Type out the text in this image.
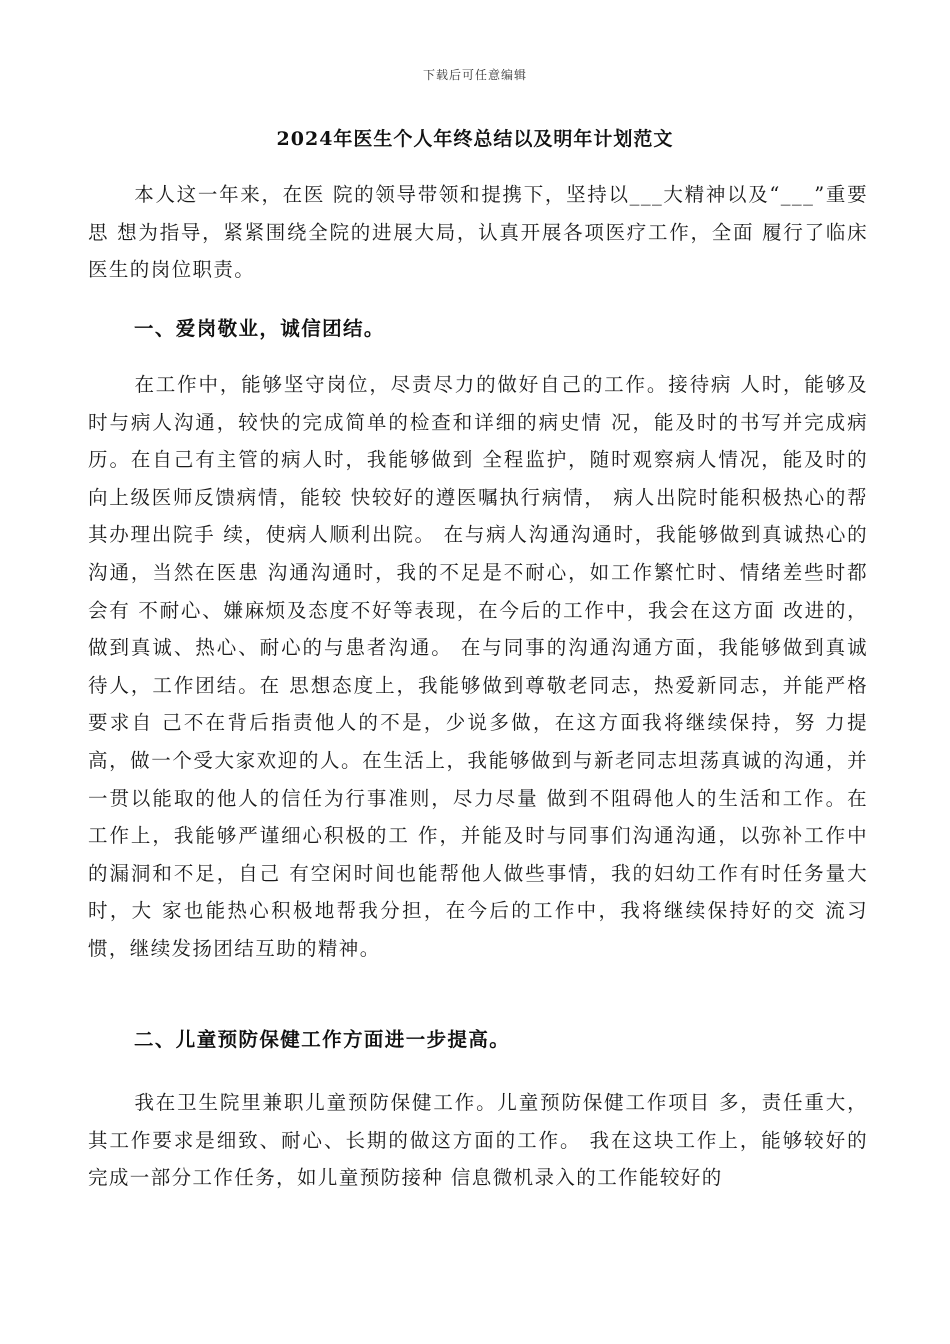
下载后可任意编辑
2024年医生个人年终总结以及明年计划范文

本人这一年来，在医 院的领导带领和提携下，坚持以___大精神以及“___”重要思 想为指导，紧紧围绕全院的进展大局，认真开展各项医疗工作，全面 履行了临床医生的岗位职责。

一、爱岗敬业，诚信团结。

在工作中，能够坚守岗位，尽责尽力的做好自己的工作。接待病 人时，能够及时与病人沟通，较快的完成简单的检查和详细的病史情 况，能及时的书写并完成病历。在自己有主管的病人时，我能够做到 全程监护，随时观察病人情况，能及时的向上级医师反馈病情，能较 快较好的遵医嘱执行病情， 病人出院时能积极热心的帮其办理出院手 续，使病人顺利出院。 在与病人沟通沟通时，我能够做到真诚热心的沟通，当然在医患 沟通沟通时，我的不足是不耐心，如工作繁忙时、情绪差些时都会有 不耐心、嫌麻烦及态度不好等表现，在今后的工作中，我会在这方面 改进的，做到真诚、热心、耐心的与患者沟通。 在与同事的沟通沟通方面，我能够做到真诚待人，工作团结。在 思想态度上，我能够做到尊敬老同志，热爱新同志，并能严格要求自 己不在背后指责他人的不是，少说多做，在这方面我将继续保持，努 力提高，做一个受大家欢迎的人。在生活上，我能够做到与新老同志坦荡真诚的沟通，并一贯以能取的他人的信任为行事准则，尽力尽量 做到不阻碍他人的生活和工作。在工作上，我能够严谨细心积极的工 作，并能及时与同事们沟通沟通，以弥补工作中的漏洞和不足，自己 有空闲时间也能帮他人做些事情，我的妇幼工作有时任务量大时，大 家也能热心积极地帮我分担，在今后的工作中，我将继续保持好的交 流习惯，继续发扬团结互助的精神。

二、儿童预防保健工作方面进一步提高。

我在卫生院里兼职儿童预防保健工作。儿童预防保健工作项目 多，责任重大，其工作要求是细致、耐心、长期的做这方面的工作。 我在这块工作上，能够较好的完成一部分工作任务，如儿童预防接种 信息微机录入的工作能较好的
